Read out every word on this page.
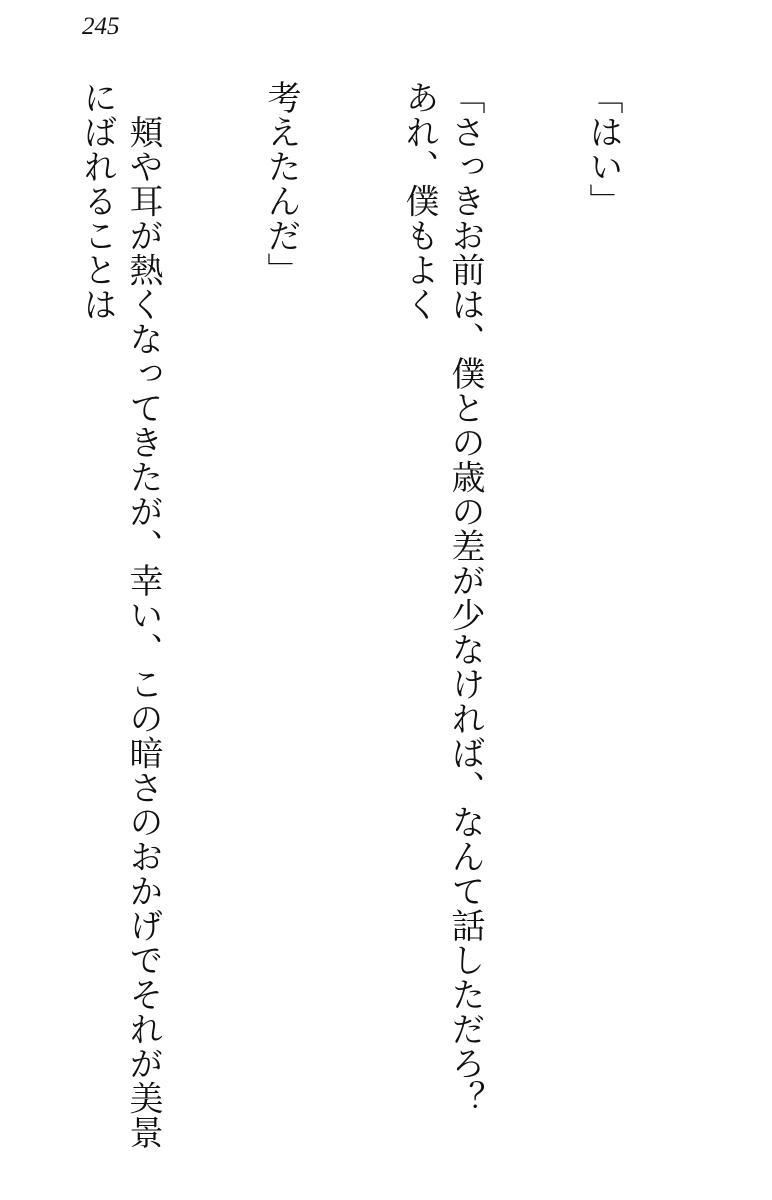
245

「はい」

「さっきお前は、僕との歳の差が少なければ、なんて話しただろ？　あれ、僕もよく

考えたんだ」

　頬や耳が熱くなってきたが、幸い、この暗さのおかげでそれが美景にばれることは
